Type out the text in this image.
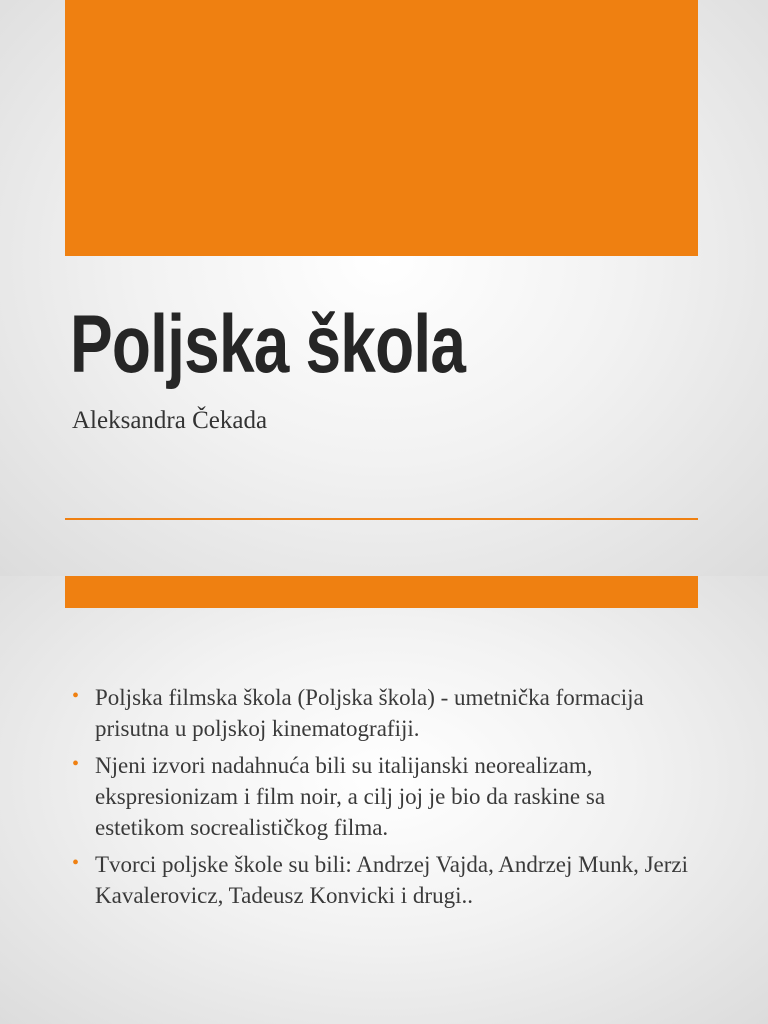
Poljska škola

Aleksandra Čekada

• Poljska filmska škola (Poljska škola) - umetnička formacija prisutna u poljskoj kinematografiji.
• Njeni izvori nadahnuća bili su italijanski neorealizam, ekspresionizam i film noir, a cilj joj je bio da raskine sa estetikom socrealističkog filma.
• Tvorci poljske škole su bili: Andrzej Vajda, Andrzej Munk, Jerzi Kavalerovicz, Tadeusz Konvicki i drugi..
